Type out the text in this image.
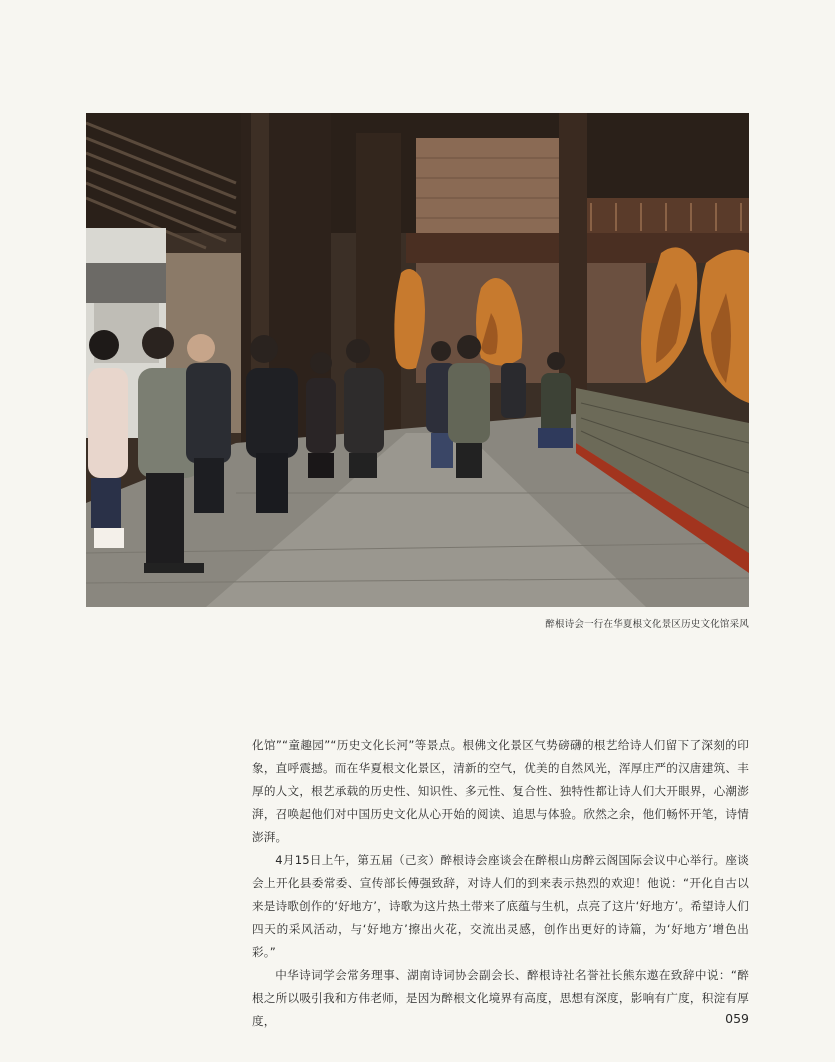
醉根诗会一行在华夏根文化景区历史文化馆采风

化馆”“童趣园”“历史文化长河”等景点。根佛文化景区气势磅礴的根艺给诗人们留下了深刻的印象，直呼震撼。而在华夏根文化景区，清新的空气，优美的自然风光，浑厚庄严的汉唐建筑、丰厚的人文，根艺承载的历史性、知识性、多元性、复合性、独特性都让诗人们大开眼界，心潮澎湃，召唤起他们对中国历史文化从心开始的阅读、追思与体验。欣然之余，他们畅怀开笔，诗情澎湃。

4月15日上午，第五届（己亥）醉根诗会座谈会在醉根山房醉云阁国际会议中心举行。座谈会上开化县委常委、宣传部长傅强致辞，对诗人们的到来表示热烈的欢迎！他说：“开化自古以来是诗歌创作的‘好地方’，诗歌为这片热土带来了底蕴与生机，点亮了这片‘好地方’。希望诗人们四天的采风活动，与‘好地方’擦出火花，交流出灵感，创作出更好的诗篇，为‘好地方’增色出彩。”

中华诗词学会常务理事、湖南诗词协会副会长、醉根诗社名誉社长熊东遨在致辞中说：“醉根之所以吸引我和方伟老师，是因为醉根文化境界有高度，思想有深度，影响有广度，积淀有厚度，	059
